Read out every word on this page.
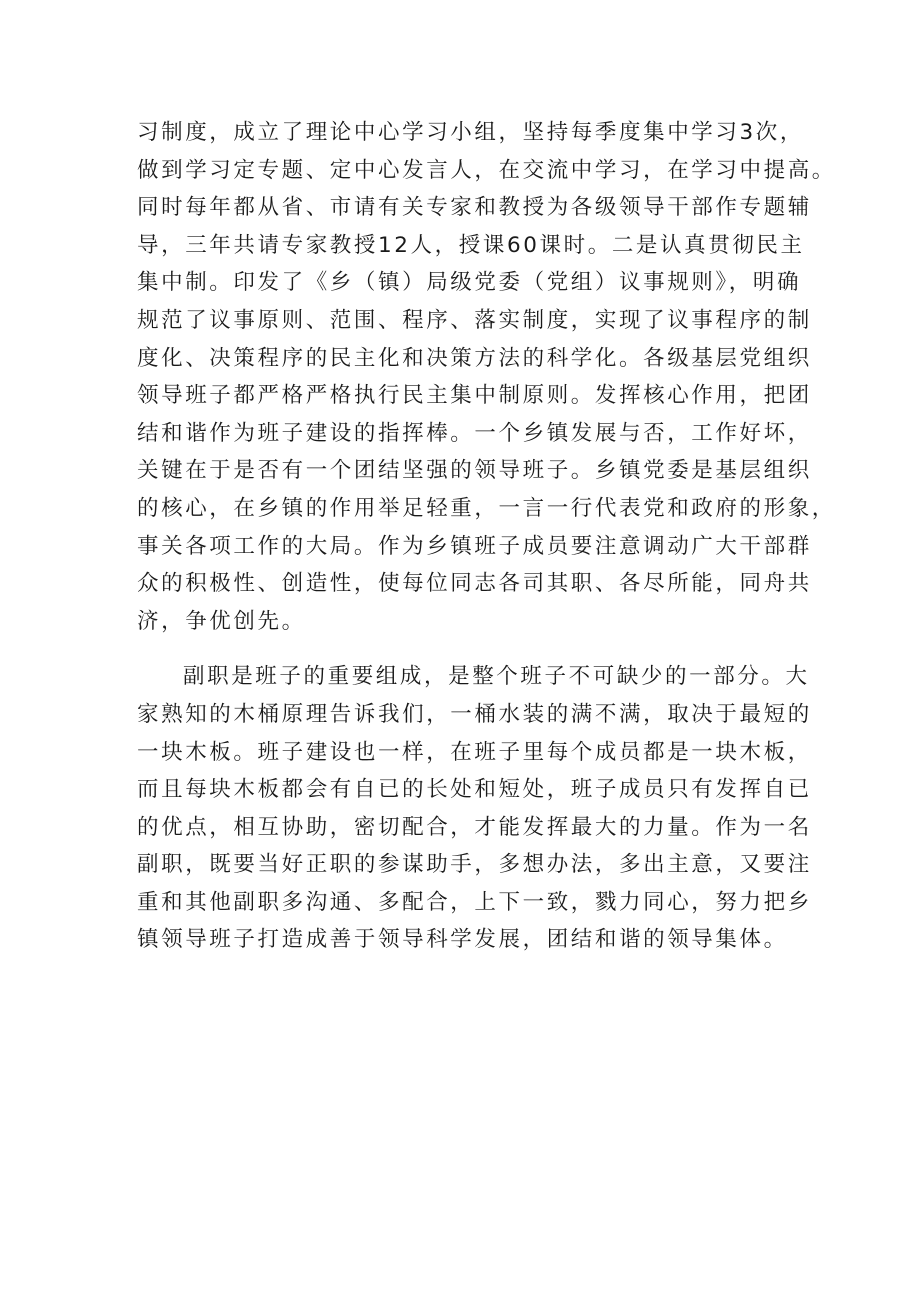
习制度，成立了理论中心学习小组，坚持每季度集中学习3次，
做到学习定专题、定中心发言人，在交流中学习，在学习中提高。
同时每年都从省、市请有关专家和教授为各级领导干部作专题辅
导，三年共请专家教授12人，授课60课时。二是认真贯彻民主
集中制。印发了《乡（镇）局级党委（党组）议事规则》，明确
规范了议事原则、范围、程序、落实制度，实现了议事程序的制
度化、决策程序的民主化和决策方法的科学化。各级基层党组织
领导班子都严格严格执行民主集中制原则。发挥核心作用，把团
结和谐作为班子建设的指挥棒。一个乡镇发展与否，工作好坏，
关键在于是否有一个团结坚强的领导班子。乡镇党委是基层组织
的核心，在乡镇的作用举足轻重，一言一行代表党和政府的形象，
事关各项工作的大局。作为乡镇班子成员要注意调动广大干部群
众的积极性、创造性，使每位同志各司其职、各尽所能，同舟共
济，争优创先。
副职是班子的重要组成，是整个班子不可缺少的一部分。大
家熟知的木桶原理告诉我们，一桶水装的满不满，取决于最短的
一块木板。班子建设也一样，在班子里每个成员都是一块木板，
而且每块木板都会有自已的长处和短处，班子成员只有发挥自已
的优点，相互协助，密切配合，才能发挥最大的力量。作为一名
副职，既要当好正职的参谋助手，多想办法，多出主意，又要注
重和其他副职多沟通、多配合，上下一致，戮力同心，努力把乡
镇领导班子打造成善于领导科学发展，团结和谐的领导集体。
